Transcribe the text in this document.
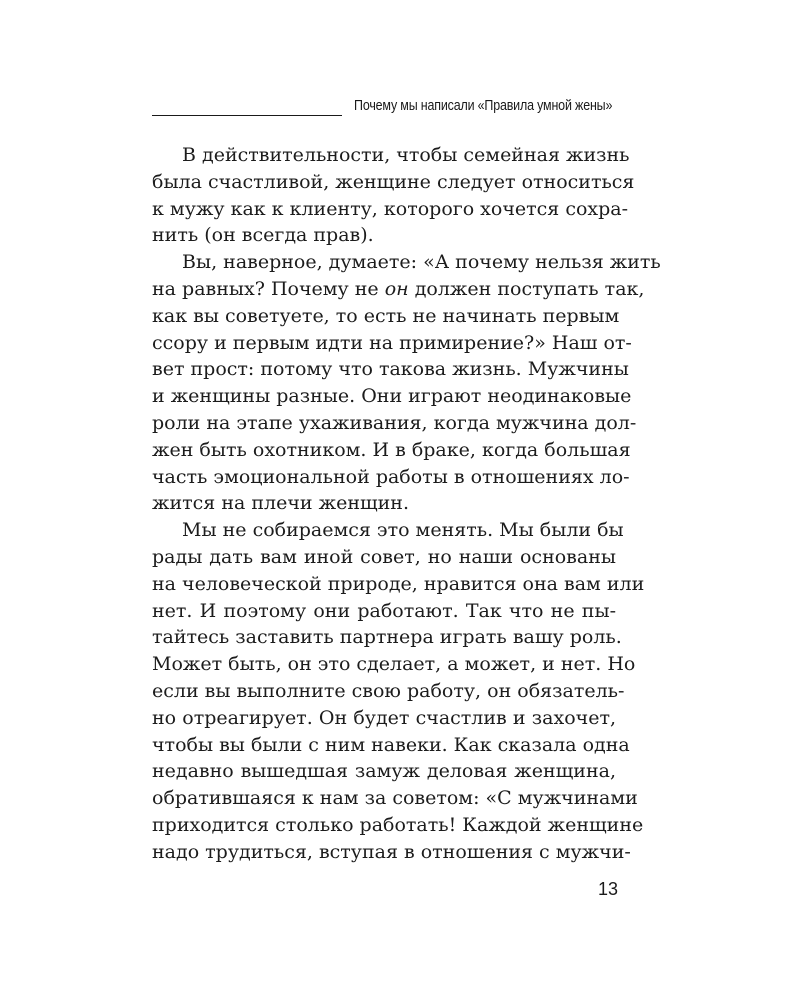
Почему мы написали «Правила умной жены»
В действительности, чтобы семейная жизнь
была счастливой, женщине следует относиться
к мужу как к клиенту, которого хочется сохра-
нить (он всегда прав).
Вы, наверное, думаете: «А почему нельзя жить
на равных? Почему не он должен поступать так,
как вы советуете, то есть не начинать первым
ссору и первым идти на примирение?» Наш от-
вет прост: потому что такова жизнь. Мужчины
и женщины разные. Они играют неодинаковые
роли на этапе ухаживания, когда мужчина дол-
жен быть охотником. И в браке, когда большая
часть эмоциональной работы в отношениях ло-
жится на плечи женщин.
Мы не собираемся это менять. Мы были бы
рады дать вам иной совет, но наши основаны
на человеческой природе, нравится она вам или
нет. И поэтому они работают. Так что не пы-
тайтесь заставить партнера играть вашу роль.
Может быть, он это сделает, а может, и нет. Но
если вы выполните свою работу, он обязатель-
но отреагирует. Он будет счастлив и захочет,
чтобы вы были с ним навеки. Как сказала одна
недавно вышедшая замуж деловая женщина,
обратившаяся к нам за советом: «С мужчинами
приходится столько работать! Каждой женщине
надо трудиться, вступая в отношения с мужчи-
13
